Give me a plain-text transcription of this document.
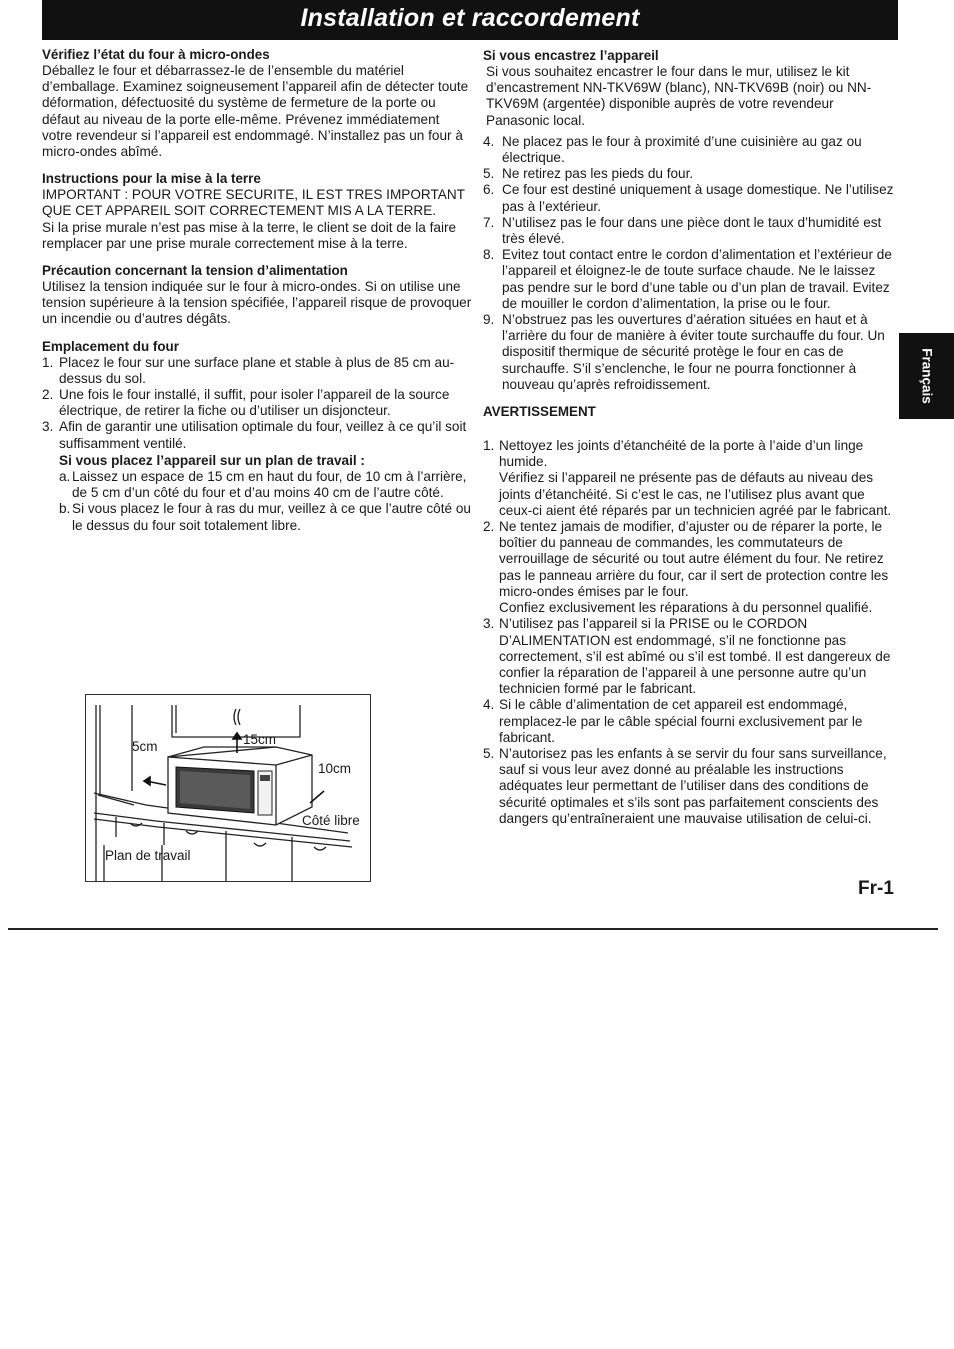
Installation et raccordement
Vérifiez l’état du four à micro-ondes

Déballez le four et débarrassez-le de l’ensemble du matériel d’emballage. Examinez soigneusement l’appareil afin de détecter toute déformation, défectuosité du système de fermeture de la porte ou défaut au niveau de la porte elle-même. Prévenez immédiatement votre revendeur si l’appareil est endommagé. N’installez pas un four à micro-ondes abîmé.

Instructions pour la mise à la terre

IMPORTANT : POUR VOTRE SECURITE, IL EST TRES IMPORTANT QUE CET APPAREIL SOIT CORRECTEMENT MIS A LA TERRE.

Si la prise murale n’est pas mise à la terre, le client se doit de la faire remplacer par une prise murale correctement mise à la terre.

Précaution concernant la tension d’alimentation

Utilisez la tension indiquée sur le four à micro-ondes. Si on utilise une tension supérieure à la tension spécifiée, l’appareil risque de provoquer un incendie ou d’autres dégâts.

Emplacement du four
1. Placez le four sur une surface plane et stable à plus de 85 cm au-dessus du sol.
2. Une fois le four installé, il suffit, pour isoler l’appareil de la source électrique, de retirer la fiche ou d’utiliser un disjoncteur.
3. Afin de garantir une utilisation optimale du four, veillez à ce qu’il soit suffisamment ventilé.

Si vous placez l’appareil sur un plan de travail :

a. Laissez un espace de 15 cm en haut du four, de 10 cm à l’arrière, de 5 cm d’un côté du four et d’au moins 40 cm de l’autre côté.
b. Si vous placez le four à ras du mur, veillez à ce que l’autre côté ou le dessus du four soit totalement libre.
15cm
5cm
10cm
Côté libre
Plan de travail
Si vous encastrez l’appareil

Si vous souhaitez encastrer le four dans le mur, utilisez le kit d’encastrement NN-TKV69W (blanc), NN-TKV69B (noir) ou NN-TKV69M (argentée) disponible auprès de votre revendeur Panasonic local.

4. Ne placez pas le four à proximité d’une cuisinière au gaz ou électrique.
5. Ne retirez pas les pieds du four.
6. Ce four est destiné uniquement à usage domestique. Ne l’utilisez pas à l’extérieur.
7. N’utilisez pas le four dans une pièce dont le taux d’humidité est très élevé.
8. Evitez tout contact entre le cordon d’alimentation et l’extérieur de l’appareil et éloignez-le de toute surface chaude. Ne le laissez pas pendre sur le bord d’une table ou d’un plan de travail. Evitez de mouiller le cordon d’alimentation, la prise ou le four.
9. N’obstruez pas les ouvertures d’aération situées en haut et à l’arrière du four de manière à éviter toute surchauffe du four. Un dispositif thermique de sécurité protège le four en cas de surchauffe. S’il s’enclenche, le four ne pourra fonctionner à nouveau qu’après refroidissement.
AVERTISSEMENT
1. Nettoyez les joints d’étanchéité de la porte à l’aide d’un linge humide.

Vérifiez si l’appareil ne présente pas de défauts au niveau des joints d’étanchéité. Si c’est le cas, ne l’utilisez plus avant que ceux-ci aient été réparés par un technicien agréé par le fabricant.

2. Ne tentez jamais de modifier, d’ajuster ou de réparer la porte, le boîtier du panneau de commandes, les commutateurs de verrouillage de sécurité ou tout autre élément du four. Ne retirez pas le panneau arrière du four, car il sert de protection contre les micro-ondes émises par le four.

Confiez exclusivement les réparations à du personnel qualifié.

3. N’utilisez pas l’appareil si la PRISE ou le CORDON D’ALIMENTATION est endommagé, s’il ne fonctionne pas correctement, s’il est abîmé ou s’il est tombé. Il est dangereux de confier la réparation de l’appareil à une personne autre qu’un technicien formé par le fabricant.
4. Si le câble d’alimentation de cet appareil est endommagé, remplacez-le par le câble spécial fourni exclusivement par le fabricant.
5. N’autorisez pas les enfants à se servir du four sans surveillance, sauf si vous leur avez donné au préalable les instructions adéquates leur permettant de l’utiliser dans des conditions de sécurité optimales et s’ils sont pas parfaitement conscients des dangers qu’entraîneraient une mauvaise utilisation de celui-ci.
Français
Fr-1
